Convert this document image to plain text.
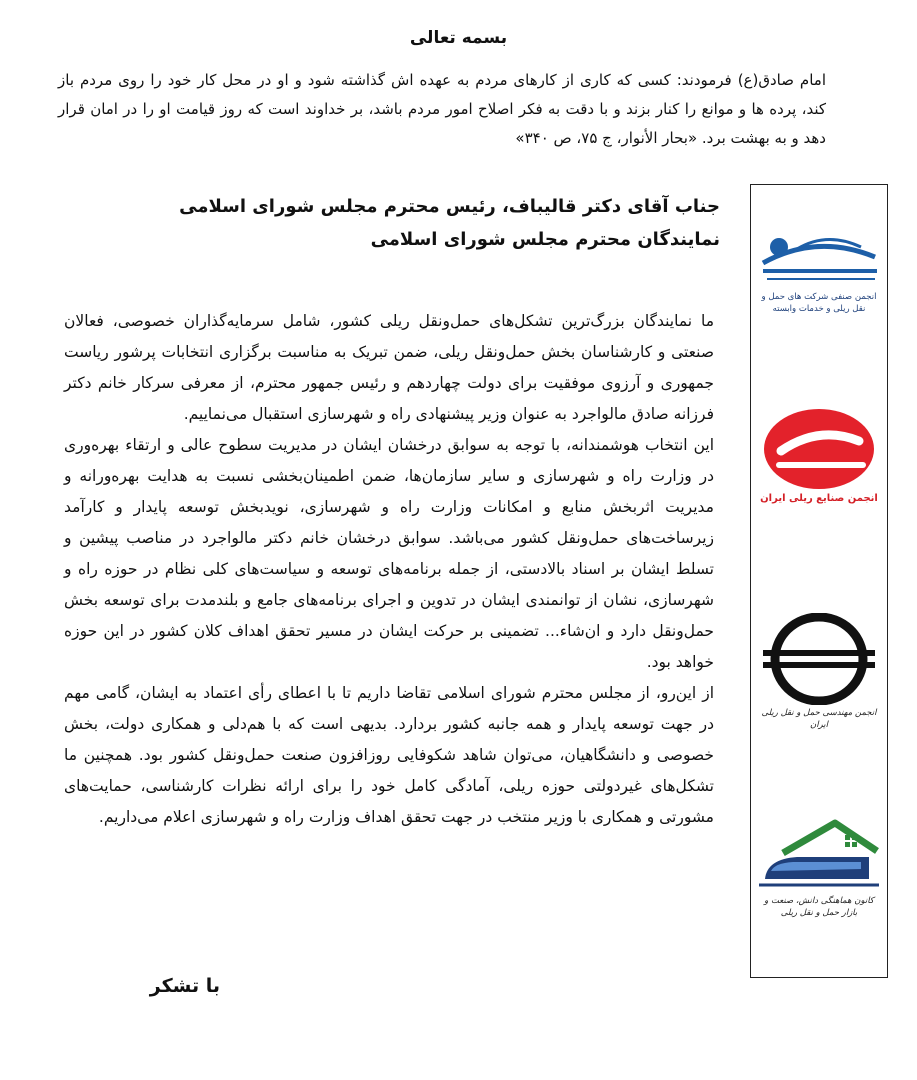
بسمه تعالی
امام صادق(ع) فرمودند: کسی که کاری از کارهای مردم به عهده اش گذاشته شود و او در محل کار خود را روی مردم باز کند، پرده ها و موانع را کنار بزند و با دقت به فکر اصلاح امور مردم باشد، بر خداوند است که روز قیامت او را در امان قرار دهد و به بهشت برد. «بحار الأنوار، ج ۷۵، ص ۳۴۰»
جناب آقای دکتر قالیباف، رئیس محترم مجلس شورای اسلامی
نمایندگان محترم مجلس شورای اسلامی

ما نمایندگان بزرگ‌ترین تشکل‌های حمل‌ونقل ریلی کشور، شامل سرمایه‌گذاران خصوصی، فعالان صنعتی و کارشناسان بخش حمل‌ونقل ریلی، ضمن تبریک به مناسبت برگزاری انتخابات پرشور ریاست جمهوری و آرزوی موفقیت برای دولت چهاردهم و رئیس جمهور محترم، از معرفی سرکار خانم دکتر فرزانه صادق مالواجرد به عنوان وزیر پیشنهادی راه و شهرسازی استقبال می‌نماییم.

این انتخاب هوشمندانه، با توجه به سوابق درخشان ایشان در مدیریت سطوح عالی و ارتقاء بهره‌وری در وزارت راه و شهرسازی و سایر سازمان‌ها، ضمن اطمینان‌بخشی نسبت به هدایت بهره‌ورانه و مدیریت اثربخش منابع و امکانات وزارت راه و شهرسازی، نویدبخش توسعه پایدار و کارآمد زیرساخت‌های حمل‌ونقل کشور می‌باشد. سوابق درخشان خانم دکتر مالواجرد در مناصب پیشین و تسلط ایشان بر اسناد بالادستی، از جمله برنامه‌های توسعه و سیاست‌های کلی نظام در حوزه راه و شهرسازی، نشان از توانمندی ایشان در تدوین و اجرای برنامه‌های جامع و بلندمدت برای توسعه بخش حمل‌ونقل دارد و ان‌شاء... تضمینی بر حرکت ایشان در مسیر تحقق اهداف کلان کشور در این حوزه خواهد بود.

از این‌رو، از مجلس محترم شورای اسلامی تقاضا داریم تا با اعطای رأی اعتماد به ایشان، گامی مهم در جهت توسعه پایدار و همه جانبه کشور بردارد. بدیهی است که با هم‌دلی و همکاری دولت، بخش خصوصی و دانشگاهیان، می‌توان شاهد شکوفایی روزافزون صنعت حمل‌ونقل کشور بود. همچنین ما تشکل‌های غیردولتی حوزه ریلی، آمادگی کامل خود را برای ارائه نظرات کارشناسی، حمایت‌های مشورتی و همکاری با وزیر منتخب در جهت تحقق اهداف وزارت راه و شهرسازی اعلام می‌داریم.

با تشکر
انجمن صنفی شرکت های حمل و نقل ریلی و خدمات وابسته
انجمن صنایع ریلی ایران
انجمن مهندسی حمل و نقل ریلی ایران
کانون هماهنگی دانش، صنعت و بازار حمل و نقل ریلی
